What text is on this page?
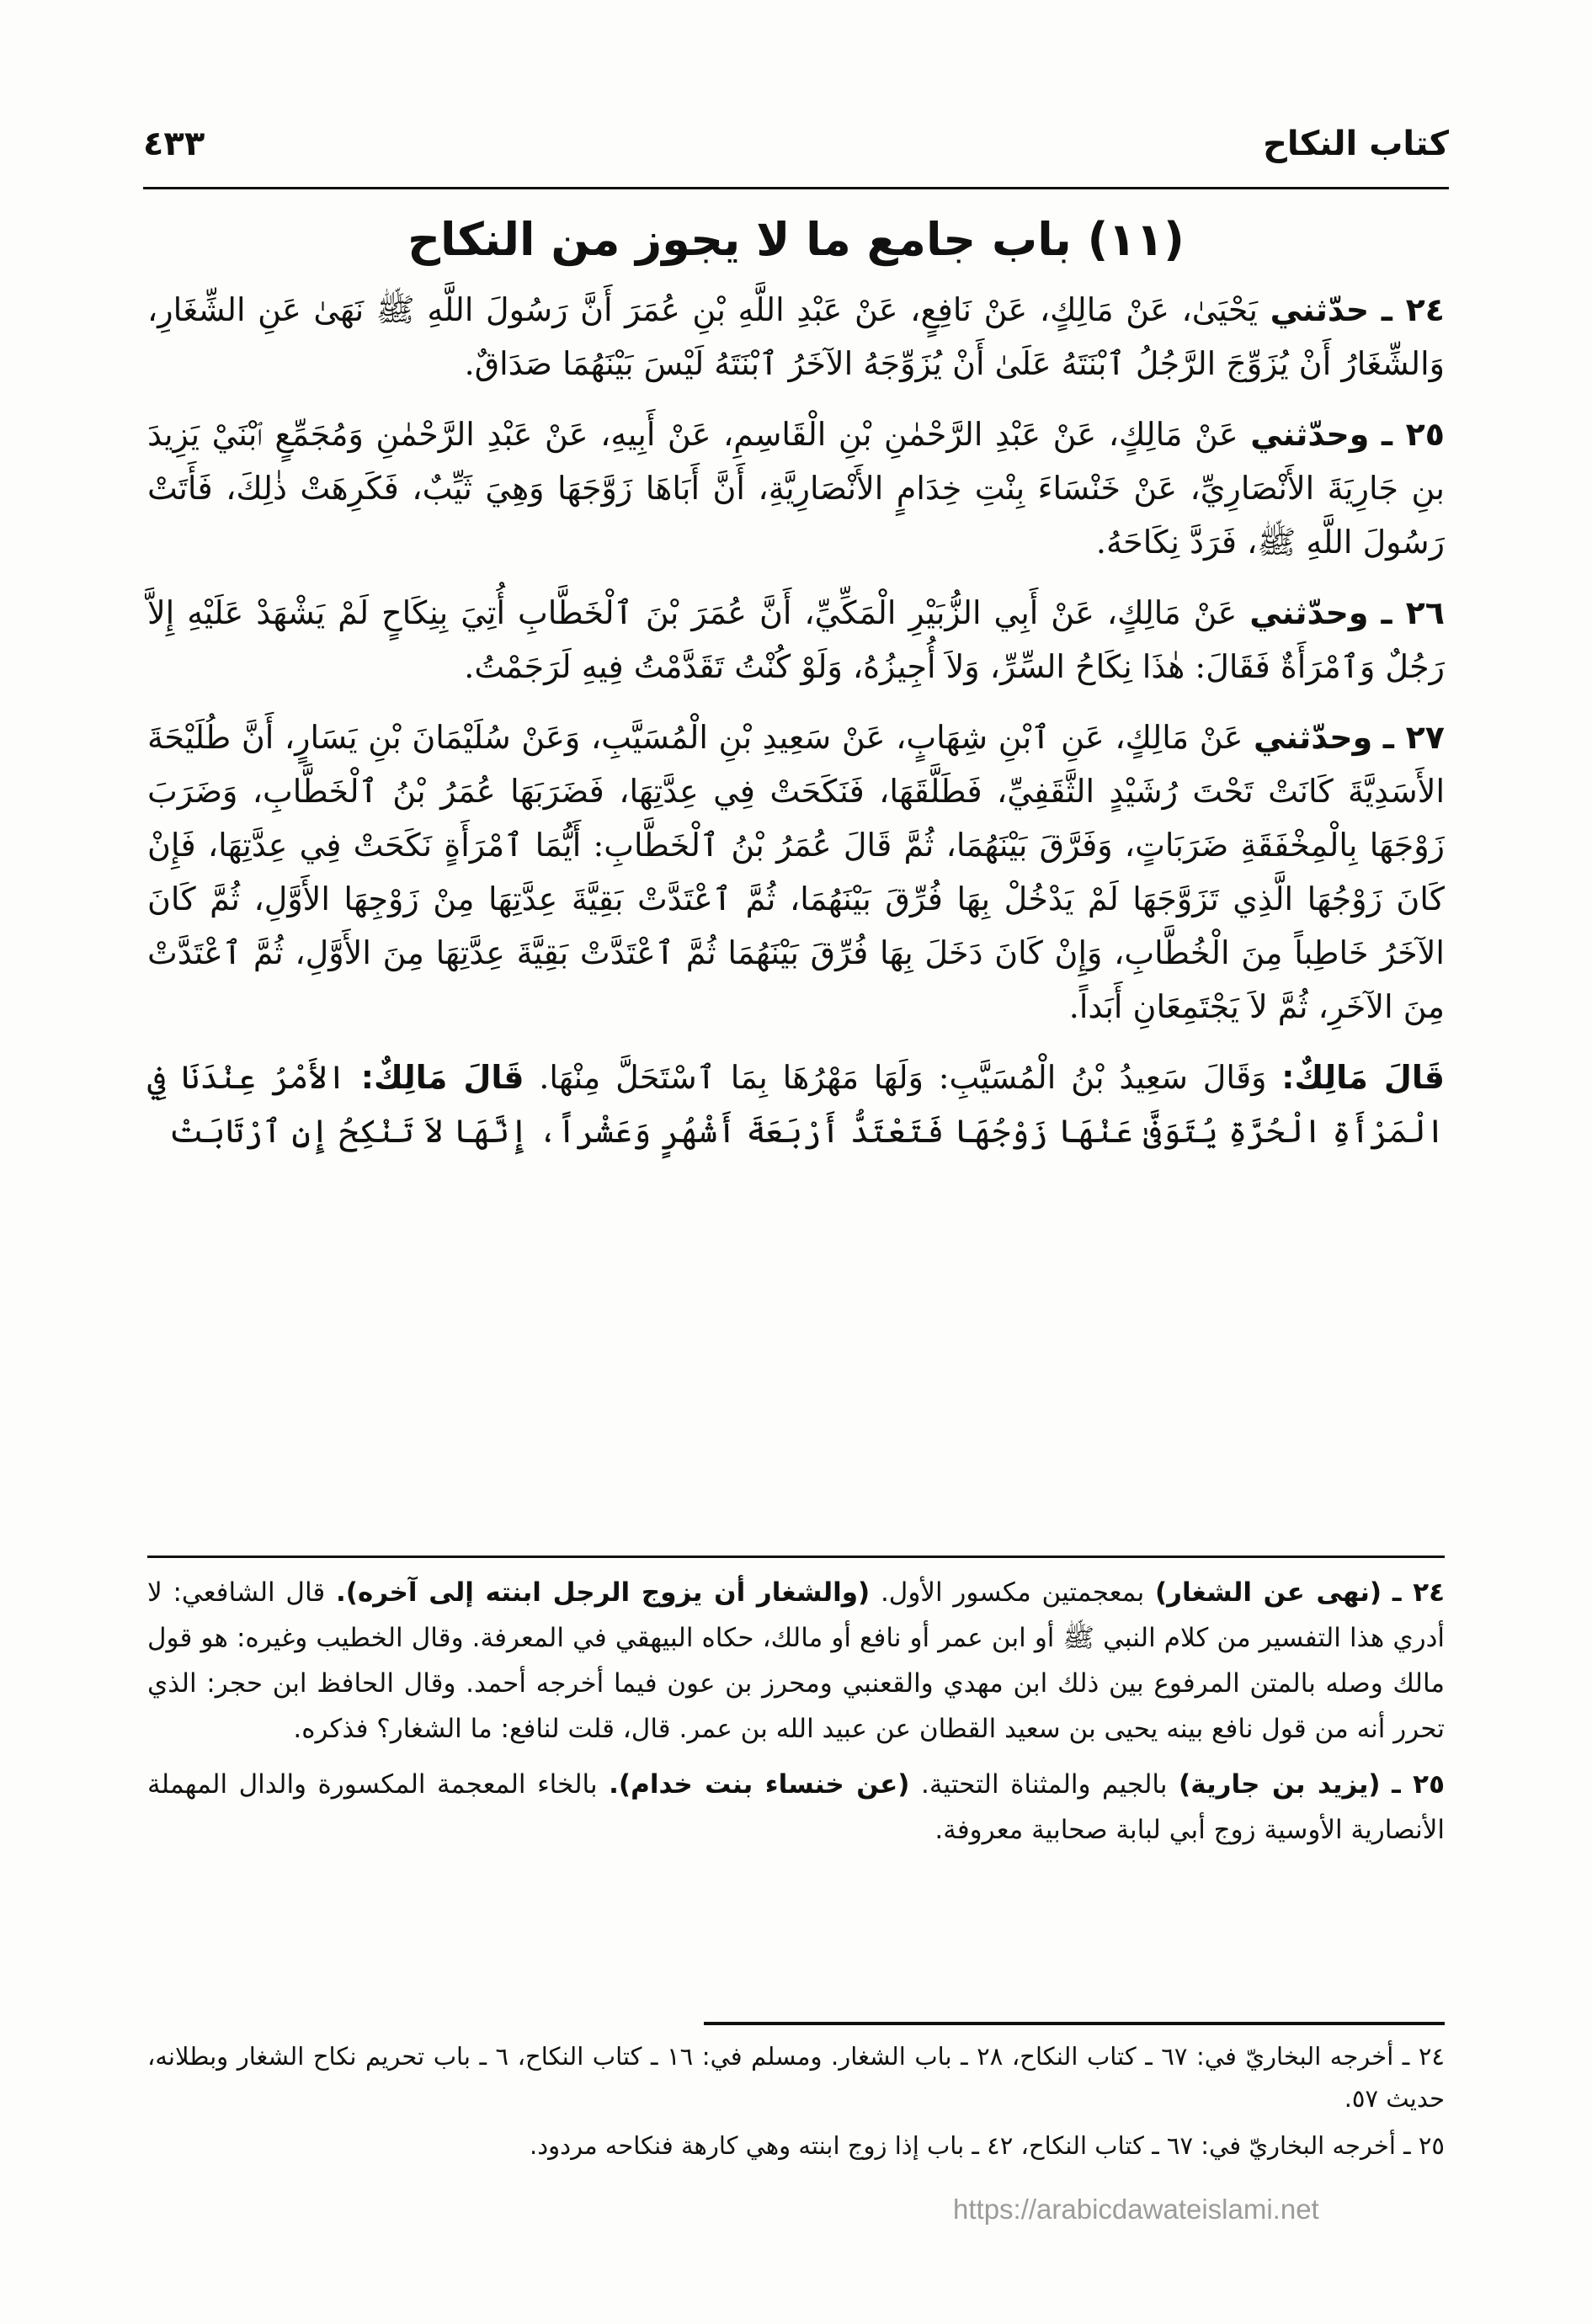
كتاب النكاح
٤٣٣
(١١) باب جامع ما لا يجوز من النكاح

٢٤ ـ حدّثني يَحْيَىٰ، عَنْ مَالِكٍ، عَنْ نَافِعٍ، عَنْ عَبْدِ اللَّهِ بْنِ عُمَرَ أَنَّ رَسُولَ اللَّهِ ﷺ نَهَىٰ عَنِ الشِّغَارِ، وَالشِّغَارُ أَنْ يُزَوِّجَ الرَّجُلُ ٱبْنَتَهُ عَلَىٰ أَنْ يُزَوِّجَهُ الآخَرُ ٱبْنَتَهُ لَيْسَ بَيْنَهُمَا صَدَاقٌ.

٢٥ ـ وحدّثني عَنْ مَالِكٍ، عَنْ عَبْدِ الرَّحْمٰنِ بْنِ الْقَاسِمِ، عَنْ أَبِيهِ، عَنْ عَبْدِ الرَّحْمٰنِ وَمُجَمِّعٍ ٱبْنَيْ يَزِيدَ بنِ جَارِيَةَ الأَنْصَارِيِّ، عَنْ خَنْسَاءَ بِنْتِ خِدَامٍ الأَنْصَارِيَّةِ، أَنَّ أَبَاهَا زَوَّجَهَا وَهِيَ ثَيِّبٌ، فَكَرِهَتْ ذٰلِكَ، فَأَتَتْ رَسُولَ اللَّهِ ﷺ، فَرَدَّ نِكَاحَهُ.

٢٦ ـ وحدّثني عَنْ مَالِكٍ، عَنْ أَبِي الزُّبَيْرِ الْمَكِّيِّ، أَنَّ عُمَرَ بْنَ ٱلْخَطَّابِ أُتِيَ بِنِكَاحٍ لَمْ يَشْهَدْ عَلَيْهِ إِلاَّ رَجُلٌ وَٱمْرَأَةٌ فَقَالَ: هٰذَا نِكَاحُ السِّرِّ، وَلاَ أُجِيزُهُ، وَلَوْ كُنْتُ تَقَدَّمْتُ فِيهِ لَرَجَمْتُ.

٢٧ ـ وحدّثني عَنْ مَالِكٍ، عَنِ ٱبْنِ شِهَابٍ، عَنْ سَعِيدِ بْنِ الْمُسَيَّبِ، وَعَنْ سُلَيْمَانَ بْنِ يَسَارٍ، أَنَّ طُلَيْحَةَ الأَسَدِيَّةَ كَانَتْ تَحْتَ رُشَيْدٍ الثَّقَفِيِّ، فَطَلَّقَهَا، فَنَكَحَتْ فِي عِدَّتِهَا، فَضَرَبَهَا عُمَرُ بْنُ ٱلْخَطَّابِ، وَضَرَبَ زَوْجَهَا بِالْمِخْفَقَةِ ضَرَبَاتٍ، وَفَرَّقَ بَيْنَهُمَا، ثُمَّ قَالَ عُمَرُ بْنُ ٱلْخَطَّابِ: أَيُّمَا ٱمْرَأَةٍ نَكَحَتْ فِي عِدَّتِهَا، فَإِنْ كَانَ زَوْجُهَا الَّذِي تَزَوَّجَهَا لَمْ يَدْخُلْ بِهَا فُرِّقَ بَيْنَهُمَا، ثُمَّ ٱعْتَدَّتْ بَقِيَّةَ عِدَّتِهَا مِنْ زَوْجِهَا الأَوَّلِ، ثُمَّ كَانَ الآخَرُ خَاطِباً مِنَ الْخُطَّابِ، وَإِنْ كَانَ دَخَلَ بِهَا فُرِّقَ بَيْنَهُمَا ثُمَّ ٱعْتَدَّتْ بَقِيَّةَ عِدَّتِهَا مِنَ الأَوَّلِ، ثُمَّ ٱعْتَدَّتْ مِنَ الآخَرِ، ثُمَّ لاَ يَجْتَمِعَانِ أَبَداً.

قَالَ مَالِكٌ: وَقَالَ سَعِيدُ بْنُ الْمُسَيَّبِ: وَلَهَا مَهْرُهَا بِمَا ٱسْتَحَلَّ مِنْهَا. قَالَ مَالِكٌ: الأَمْرُ عِنْدَنَا فِي الْمَرْأَةِ الْحُرَّةِ يُتَوَفَّىٰ عَنْهَا زَوْجُهَا فَتَعْتَدُّ أَرْبَعَةَ أَشْهُرٍ وَعَشْراً، إِنَّهَا لاَ تَنْكِحُ إِنِ ٱرْتَابَتْ

٢٤ ـ (نهى عن الشغار) بمعجمتين مكسور الأول. (والشغار أن يزوج الرجل ابنته إلى آخره). قال الشافعي: لا أدري هذا التفسير من كلام النبي ﷺ أو ابن عمر أو نافع أو مالك، حكاه البيهقي في المعرفة. وقال الخطيب وغيره: هو قول مالك وصله بالمتن المرفوع بين ذلك ابن مهدي والقعنبي ومحرز بن عون فيما أخرجه أحمد. وقال الحافظ ابن حجر: الذي تحرر أنه من قول نافع بينه يحيى بن سعيد القطان عن عبيد الله بن عمر. قال، قلت لنافع: ما الشغار؟ فذكره.

٢٥ ـ (يزيد بن جارية) بالجيم والمثناة التحتية. (عن خنساء بنت خدام). بالخاء المعجمة المكسورة والدال المهملة الأنصارية الأوسية زوج أبي لبابة صحابية معروفة.

٢٤ ـ أخرجه البخاريّ في: ٦٧ ـ كتاب النكاح، ٢٨ ـ باب الشغار. ومسلم في: ١٦ ـ كتاب النكاح، ٦ ـ باب تحريم نكاح الشغار وبطلانه، حديث ٥٧.

٢٥ ـ أخرجه البخاريّ في: ٦٧ ـ كتاب النكاح، ٤٢ ـ باب إذا زوج ابنته وهي كارهة فنكاحه مردود.

https://arabicdawateislami.net
